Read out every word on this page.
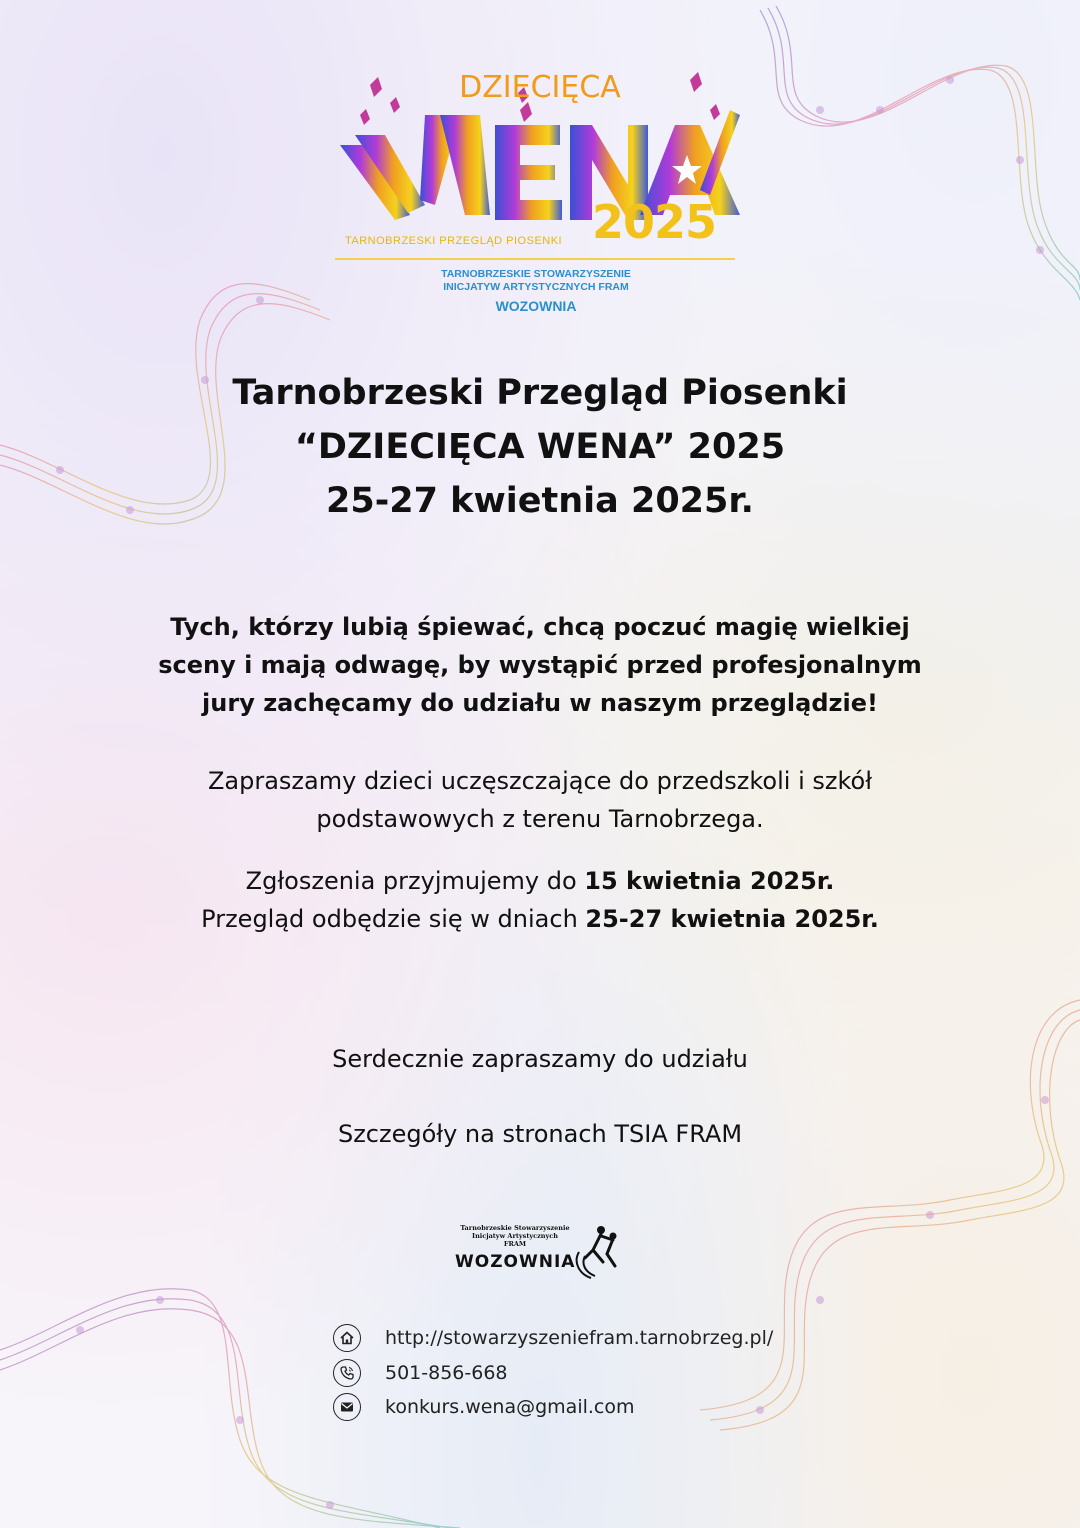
DZIECIĘCA
TARNOBRZESKI PRZEGLĄD PIOSENKI 2025
TARNOBRZESKIE STOWARZYSZENIE
INICJATYW ARTYSTYCZNYCH FRAM
WOZOWNIA
Tarnobrzeski Przegląd Piosenki
“DZIECIĘCA WENA” 2025
25-27 kwietnia 2025r.
Tych, którzy lubią śpiewać, chcą poczuć magię wielkiej
sceny i mają odwagę, by wystąpić przed profesjonalnym
jury zachęcamy do udziału w naszym przeglądzie!
Zapraszamy dzieci uczęszczające do przedszkoli i szkół
podstawowych z terenu Tarnobrzega.
Zgłoszenia przyjmujemy do 15 kwietnia 2025r.
Przegląd odbędzie się w dniach 25-27 kwietnia 2025r.
Serdecznie zapraszamy do udziału
Szczegóły na stronach TSIA FRAM
Tarnobrzeskie Stowarzyszenie
Inicjatyw Artystycznych
FRAM
WOZOWNIA
http://stowarzyszeniefram.tarnobrzeg.pl/
501-856-668
konkurs.wena@gmail.com
